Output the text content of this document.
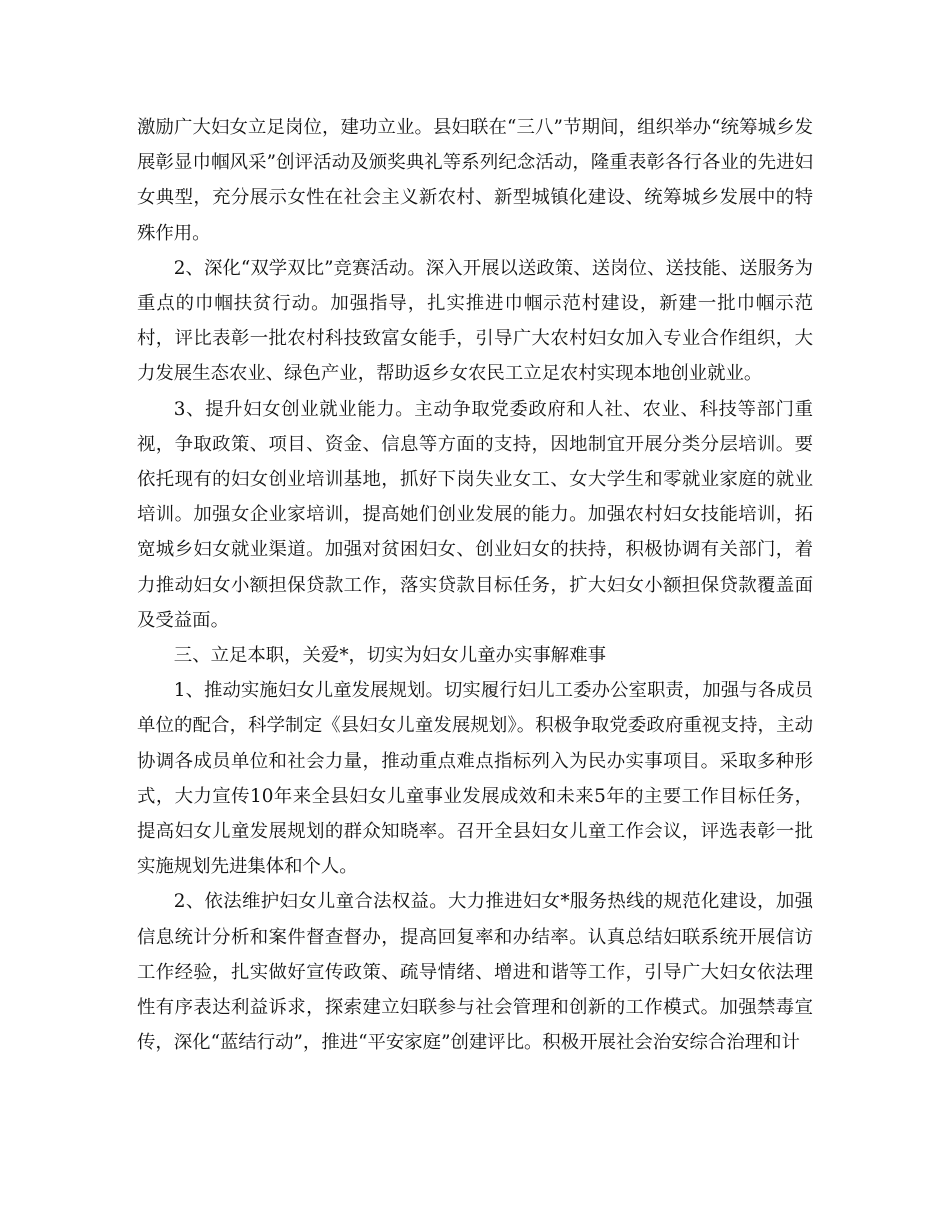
激励广大妇女立足岗位，建功立业。县妇联在“三八”节期间，组织举办“统筹城乡发展彰显巾帼风采”创评活动及颁奖典礼等系列纪念活动，隆重表彰各行各业的先进妇女典型，充分展示女性在社会主义新农村、新型城镇化建设、统筹城乡发展中的特殊作用。

2、深化“双学双比”竞赛活动。深入开展以送政策、送岗位、送技能、送服务为重点的巾帼扶贫行动。加强指导，扎实推进巾帼示范村建设，新建一批巾帼示范村，评比表彰一批农村科技致富女能手，引导广大农村妇女加入专业合作组织，大力发展生态农业、绿色产业，帮助返乡女农民工立足农村实现本地创业就业。

3、提升妇女创业就业能力。主动争取党委政府和人社、农业、科技等部门重视，争取政策、项目、资金、信息等方面的支持，因地制宜开展分类分层培训。要依托现有的妇女创业培训基地，抓好下岗失业女工、女大学生和零就业家庭的就业培训。加强女企业家培训，提高她们创业发展的能力。加强农村妇女技能培训，拓宽城乡妇女就业渠道。加强对贫困妇女、创业妇女的扶持，积极协调有关部门，着力推动妇女小额担保贷款工作，落实贷款目标任务，扩大妇女小额担保贷款覆盖面及受益面。

三、立足本职，关爱*，切实为妇女儿童办实事解难事

1、推动实施妇女儿童发展规划。切实履行妇儿工委办公室职责，加强与各成员单位的配合，科学制定《县妇女儿童发展规划》。积极争取党委政府重视支持，主动协调各成员单位和社会力量，推动重点难点指标列入为民办实事项目。采取多种形式，大力宣传10年来全县妇女儿童事业发展成效和未来5年的主要工作目标任务，提高妇女儿童发展规划的群众知晓率。召开全县妇女儿童工作会议，评选表彰一批实施规划先进集体和个人。

2、依法维护妇女儿童合法权益。大力推进妇女*服务热线的规范化建设，加强信息统计分析和案件督查督办，提高回复率和办结率。认真总结妇联系统开展信访工作经验，扎实做好宣传政策、疏导情绪、增进和谐等工作，引导广大妇女依法理性有序表达利益诉求，探索建立妇联参与社会管理和创新的工作模式。加强禁毒宣传，深化“蓝结行动”，推进“平安家庭”创建评比。积极开展社会治安综合治理和计
